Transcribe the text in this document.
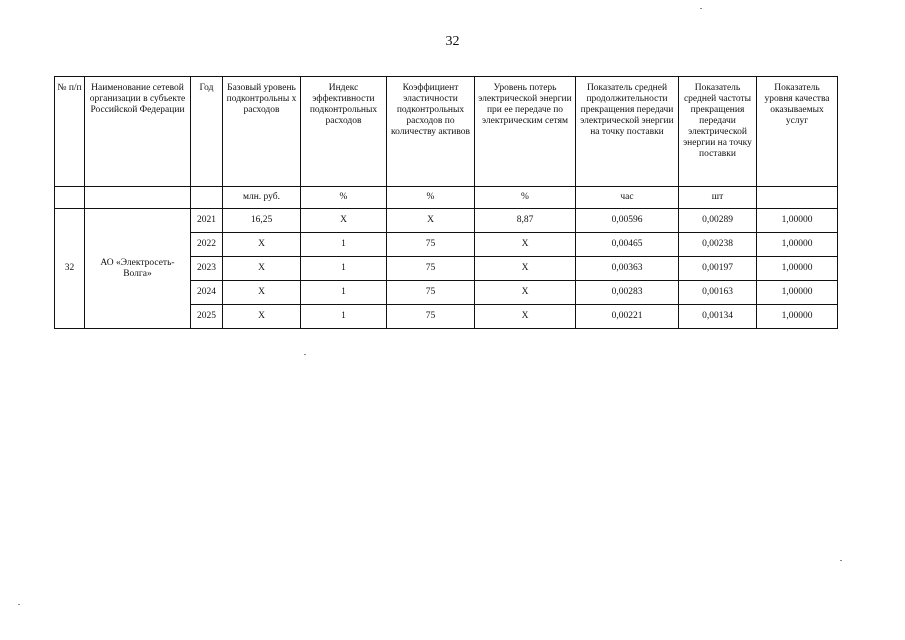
32
№ п/п	Наименование сетевой организации в субъекте Российской Федерации	Год	Базовый уровень подконтрольны х расходов	Индекс эффективности подконтрольных расходов	Коэффициент эластичности подконтрольных расходов по количеству активов	Уровень потерь электрической энергии при ее передаче по электрическим сетям	Показатель средней продолжительности прекращения передачи электрической энергии на точку поставки	Показатель средней частоты прекращения передачи электрической энергии на точку поставки	Показатель уровня качества оказываемых услуг
			млн. руб.	%	%	%	час	шт	
32	АО «Электросеть-Волга»	2021	16,25	X	X	8,87	0,00596	0,00289	1,00000
		2022	X	1	75	X	0,00465	0,00238	1,00000
		2023	X	1	75	X	0,00363	0,00197	1,00000
		2024	X	1	75	X	0,00283	0,00163	1,00000
		2025	X	1	75	X	0,00221	0,00134	1,00000
